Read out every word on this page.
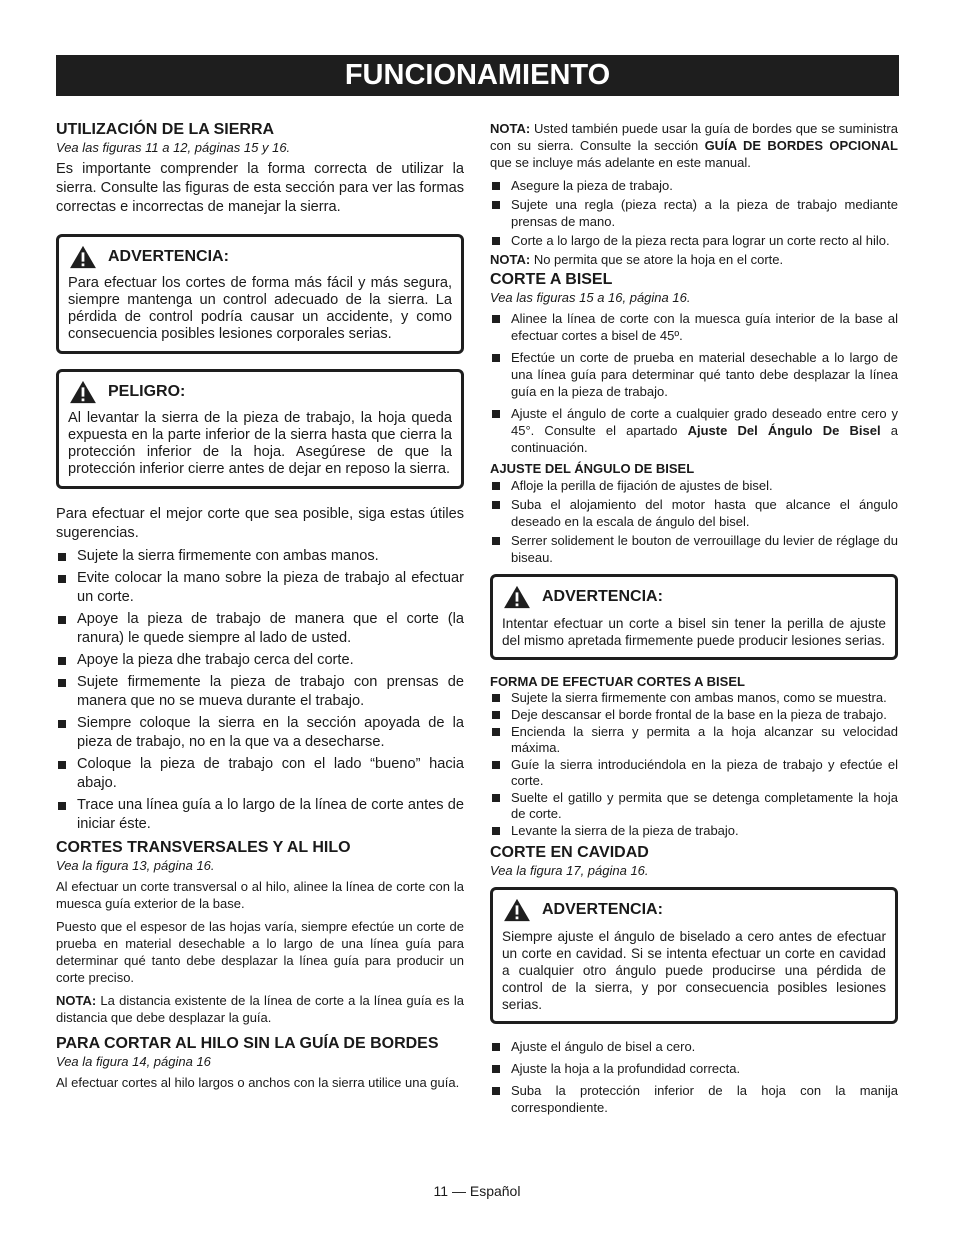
FUNCIONAMIENTO
UTILIZACIÓN DE LA SIERRA

Vea las figuras 11 a 12, páginas 15 y 16.

Es importante comprender la forma correcta de utilizar la sierra. Consulte las figuras de esta sección para ver las formas correctas e incorrectas de manejar la sierra.

ADVERTENCIA:
Para efectuar los cortes de forma más fácil y más segura, siempre mantenga un control adecuado de la sierra. La pérdida de control podría causar un accidente, y como consecuencia posibles lesiones corporales serias.
PELIGRO:
Al levantar la sierra de la pieza de trabajo, la hoja queda expuesta en la parte inferior de la sierra hasta que cierra la protección inferior de la hoja. Asegúrese de que la protección inferior cierre antes de dejar en reposo la sierra.

Para efectuar el mejor corte que sea posible, siga estas útiles sugerencias.

Sujete la sierra firmemente con ambas manos.
Evite colocar la mano sobre la pieza de trabajo al efectuar un corte.
Apoye la pieza de trabajo de manera que el corte (la ranura) le quede siempre al lado de usted.
Apoye la pieza dhe trabajo cerca del corte.
Sujete firmemente la pieza de trabajo con prensas de manera que no se mueva durante el trabajo.
Siempre coloque la sierra en la sección apoyada de la pieza de trabajo, no en la que va a desecharse.
Coloque la pieza de trabajo con el lado “bueno” hacia abajo.
Trace una línea guía a lo largo de la línea de corte antes de iniciar éste.
CORTES TRANSVERSALES Y AL HILO

Vea la figura 13, página 16.

Al efectuar un corte transversal o al hilo, alinee la línea de corte con la muesca guía exterior de la base.

Puesto que el espesor de las hojas varía, siempre efectúe un corte de prueba en material desechable a lo largo de una línea guía para determinar qué tanto debe desplazar la línea guía para producir un corte preciso.

NOTA: La distancia existente de la línea de corte a la línea guía es la distancia que debe desplazar la guía.

PARA CORTAR AL HILO SIN LA GUÍA DE BORDES

Vea la figura 14, página 16

Al efectuar cortes al hilo largos o anchos con la sierra utilice una guía.

NOTA: Usted también puede usar la guía de bordes que se suministra con su sierra. Consulte la sección GUÍA DE BORDES OPCIONAL que se incluye más adelante en este manual.

Asegure la pieza de trabajo.
Sujete una regla (pieza recta) a la pieza de trabajo mediante prensas de mano.
Corte a lo largo de la pieza recta para lograr un corte recto al hilo.

NOTA: No permita que se atore la hoja en el corte.

CORTE A BISEL

Vea las figuras 15 a 16, página 16.

Alinee la línea de corte con la muesca guía interior de la base al efectuar cortes a bisel de 45º.
Efectúe un corte de prueba en material desechable a lo largo de una línea guía para determinar qué tanto debe desplazar la línea guía en la pieza de trabajo.
Ajuste el ángulo de corte a cualquier grado deseado entre cero y 45°. Consulte el apartado Ajuste Del Ángulo De Bisel a continuación.
AJUSTE DEL ÁNGULO DE BISEL
Afloje la perilla de fijación de ajustes de bisel.
Suba el alojamiento del motor hasta que alcance el ángulo deseado en la escala de ángulo del bisel.
Serrer solidement le bouton de verrouillage du levier de réglage du biseau.
ADVERTENCIA:
Intentar efectuar un corte a bisel sin tener la perilla de ajuste del mismo apretada firmemente puede producir lesiones serias.
FORMA DE EFECTUAR CORTES A BISEL
Sujete la sierra firmemente con ambas manos, como se muestra.
Deje descansar el borde frontal de la base en la pieza de trabajo.
Encienda la sierra y permita a la hoja alcanzar su velocidad máxima.
Guíe la sierra introduciéndola en la pieza de trabajo y efectúe el corte.
Suelte el gatillo y permita que se detenga completamente la hoja de corte.
Levante la sierra de la pieza de trabajo.
CORTE EN CAVIDAD

Vea la figura 17, página 16.

ADVERTENCIA:
Siempre ajuste el ángulo de biselado a cero antes de efectuar un corte en cavidad. Si se intenta efectuar un corte en cavidad a cualquier otro ángulo puede producirse una pérdida de control de la sierra, y por consecuencia posibles lesiones serias.
Ajuste el ángulo de bisel a cero.
Ajuste la hoja a la profundidad correcta.
Suba la protección inferior de la hoja con la manija correspondiente.
11 — Español
